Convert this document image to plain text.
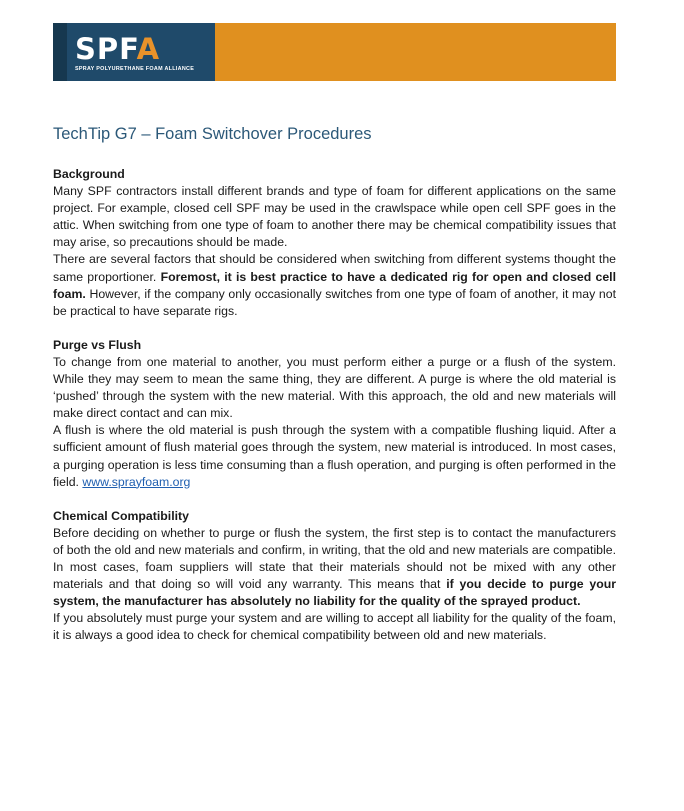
SPFA
SPRAY POLYURETHANE FOAM ALLIANCE
TechTip G7 – Foam Switchover Procedures
Background

Many SPF contractors install different brands and type of foam for different applications on the same project. For example, closed cell SPF may be used in the crawlspace while open cell SPF goes in the attic. When switching from one type of foam to another there may be chemical compatibility issues that may arise, so precautions should be made.

There are several factors that should be considered when switching from different systems thought the same proportioner. Foremost, it is best practice to have a dedicated rig for open and closed cell foam. However, if the company only occasionally switches from one type of foam of another, it may not be practical to have separate rigs.

Purge vs Flush

To change from one material to another, you must perform either a purge or a flush of the system. While they may seem to mean the same thing, they are different. A purge is where the old material is ‘pushed’ through the system with the new material. With this approach, the old and new materials will make direct contact and can mix.

A flush is where the old material is push through the system with a compatible flushing liquid. After a sufficient amount of flush material goes through the system, new material is introduced. In most cases, a purging operation is less time consuming than a flush operation, and purging is often performed in the field. www.sprayfoam.org

Chemical Compatibility

Before deciding on whether to purge or flush the system, the first step is to contact the manufacturers of both the old and new materials and confirm, in writing, that the old and new materials are compatible. In most cases, foam suppliers will state that their materials should not be mixed with any other materials and that doing so will void any warranty. This means that if you decide to purge your system, the manufacturer has absolutely no liability for the quality of the sprayed product.

If you absolutely must purge your system and are willing to accept all liability for the quality of the foam, it is always a good idea to check for chemical compatibility between old and new materials.
